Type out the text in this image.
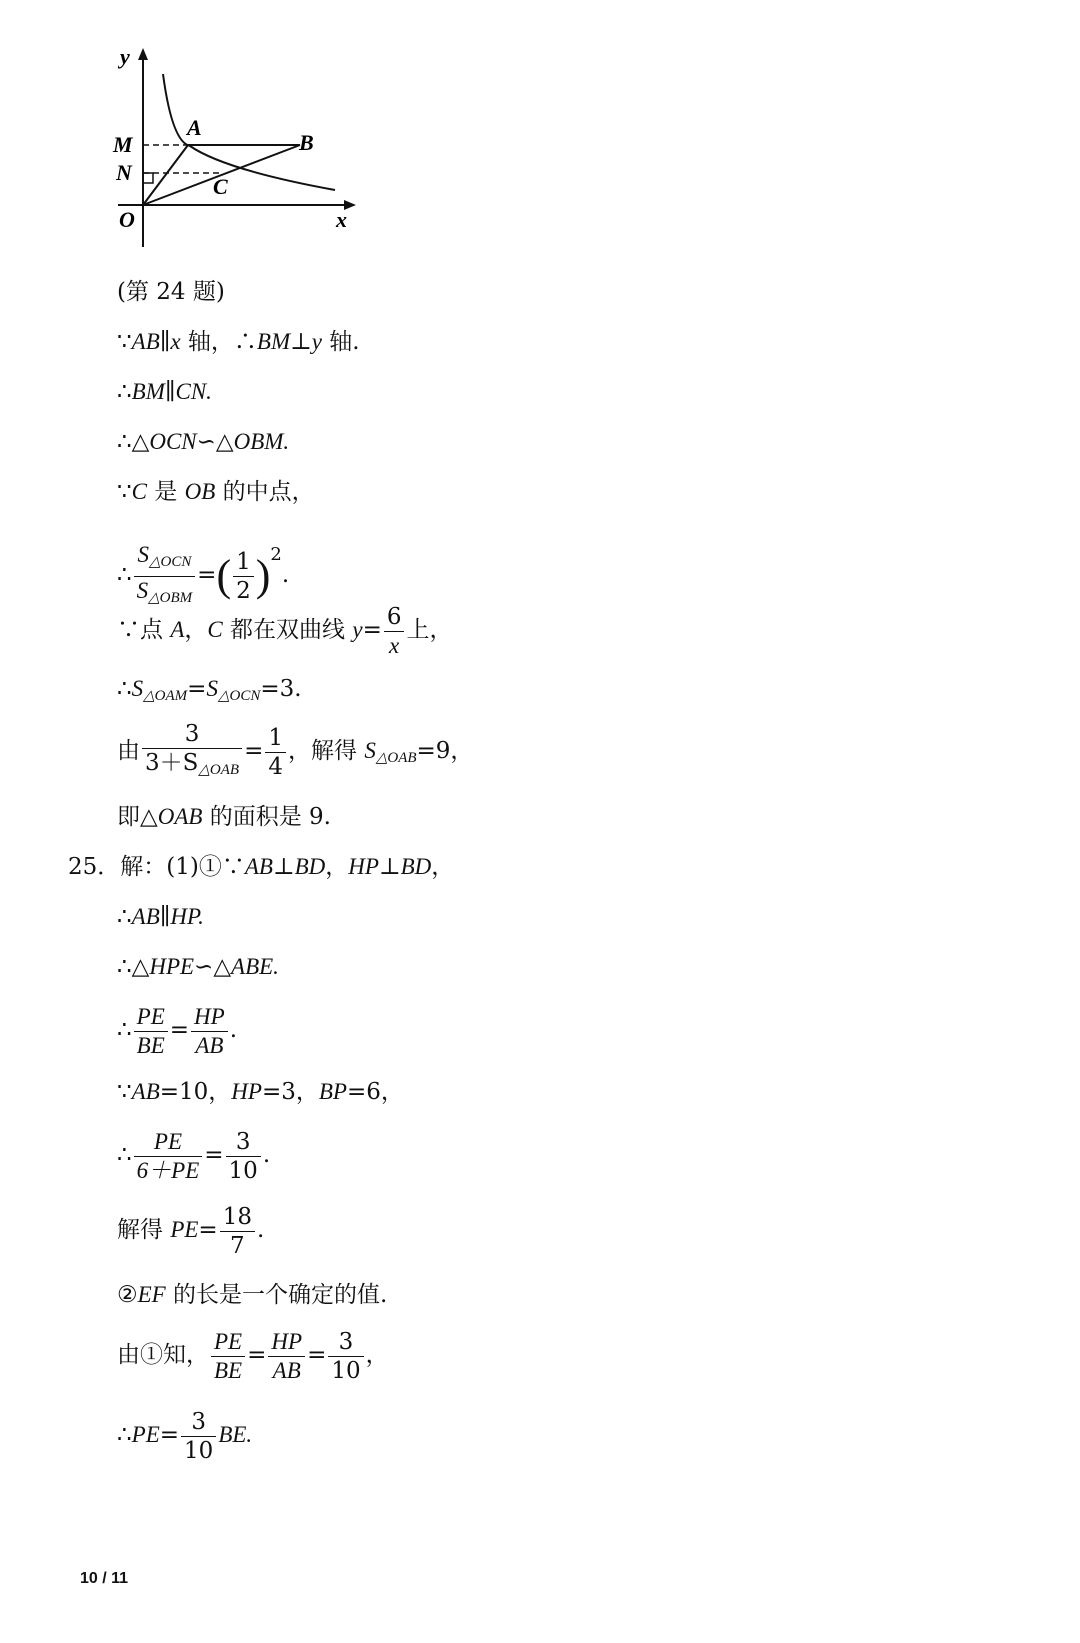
y
M
N
O
A
B
C
x
(第 24 题)
∵AB∥x 轴，∴BM⊥y 轴.
∴BM∥CN.
∴△OCN∽△OBM.
∵C 是 OB 的中点，
∴ $\frac{\text{S△OCN}}{\text{S△OBM}}$ =( $\frac{1}{2} )^2$.
∵点 A，C 都在双曲线 $y= \frac{6}{x}$ 上，
∴S△OAM=S△OCN=3.
由 $\frac{3}{\text{3＋S△OAB}} = \frac{1}{4}$ ，解得 S△OAB=9，
即△OAB 的面积是 9.
25．解：(1)①∵AB⊥BD，HP⊥BD，
∴AB∥HP.
∴△HPE∽△ABE.
∴ $\frac{PE}{BE} = \frac{HP}{AB}$ .
∵AB=10，HP=3，BP=6，
∴ $\frac{PE}{6+PE} = \frac{3}{10}$ .
解得 $PE= \frac{18}{7}$ .
②EF 的长是一个确定的值.
由①知， $\frac{PE}{BE} = \frac{HP}{AB} = \frac{3}{10}$ ，
∴PE= $\frac{3}{10}$ BE.
10 / 11
